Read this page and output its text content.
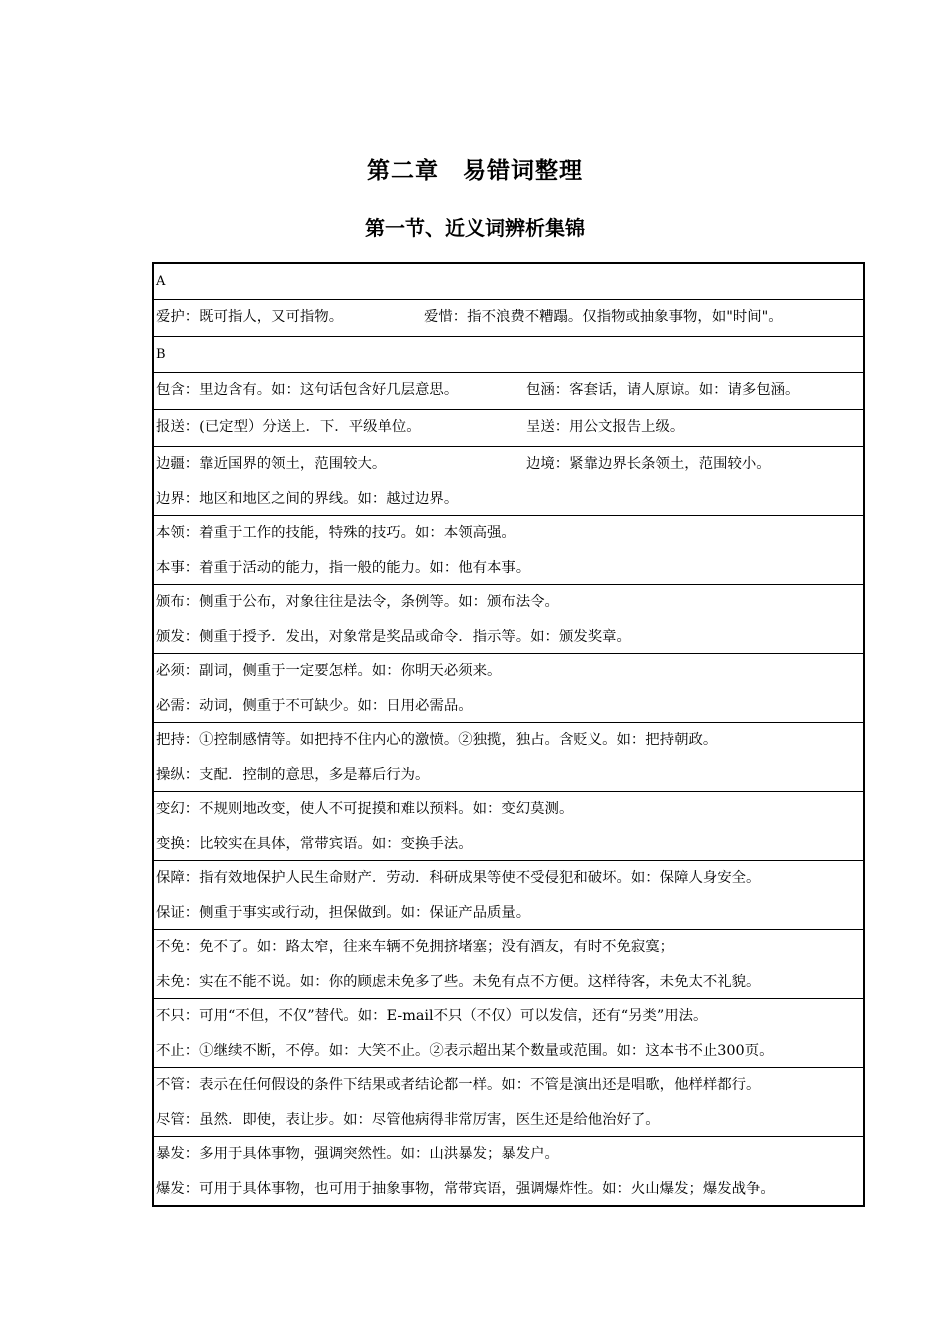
第二章　易错词整理
第一节、近义词辨析集锦
A
爱护：既可指人，又可指物。	爱惜：指不浪费不糟蹋。仅指物或抽象事物，如"时间"。
B
包含：里边含有。如：这句话包含好几层意思。	包涵：客套话，请人原谅。如：请多包涵。
报送：(已定型）分送上．下．平级单位。	呈送：用公文报告上级。

边疆：靠近国界的领土，范围较大。	边境：紧靠边界长条领土，范围较小。
边界：地区和地区之间的界线。如：越过边界。

本领：着重于工作的技能，特殊的技巧。如：本领高强。
本事：着重于活动的能力，指一般的能力。如：他有本事。

颁布：侧重于公布，对象往往是法令，条例等。如：颁布法令。
颁发：侧重于授予．发出，对象常是奖品或命令．指示等。如：颁发奖章。

必须：副词，侧重于一定要怎样。如：你明天必须来。
必需：动词，侧重于不可缺少。如：日用必需品。

把持：①控制感情等。如把持不住内心的激愤。②独揽，独占。含贬义。如：把持朝政。
操纵：支配．控制的意思，多是幕后行为。

变幻：不规则地改变，使人不可捉摸和难以预料。如：变幻莫测。
变换：比较实在具体，常带宾语。如：变换手法。

保障：指有效地保护人民生命财产．劳动．科研成果等使不受侵犯和破坏。如：保障人身安全。
保证：侧重于事实或行动，担保做到。如：保证产品质量。

不免：免不了。如：路太窄，往来车辆不免拥挤堵塞；没有酒友，有时不免寂寞；
未免：实在不能不说。如：你的顾虑未免多了些。未免有点不方便。这样待客，未免太不礼貌。

不只：可用“不但，不仅”替代。如：E-mail不只（不仅）可以发信，还有“另类”用法。
不止：①继续不断，不停。如：大笑不止。②表示超出某个数量或范围。如：这本书不止300页。

不管：表示在任何假设的条件下结果或者结论都一样。如：不管是演出还是唱歌，他样样都行。
尽管：虽然．即使，表让步。如：尽管他病得非常厉害，医生还是给他治好了。

暴发：多用于具体事物，强调突然性。如：山洪暴发；暴发户。
爆发：可用于具体事物，也可用于抽象事物，常带宾语，强调爆炸性。如：火山爆发；爆发战争。
